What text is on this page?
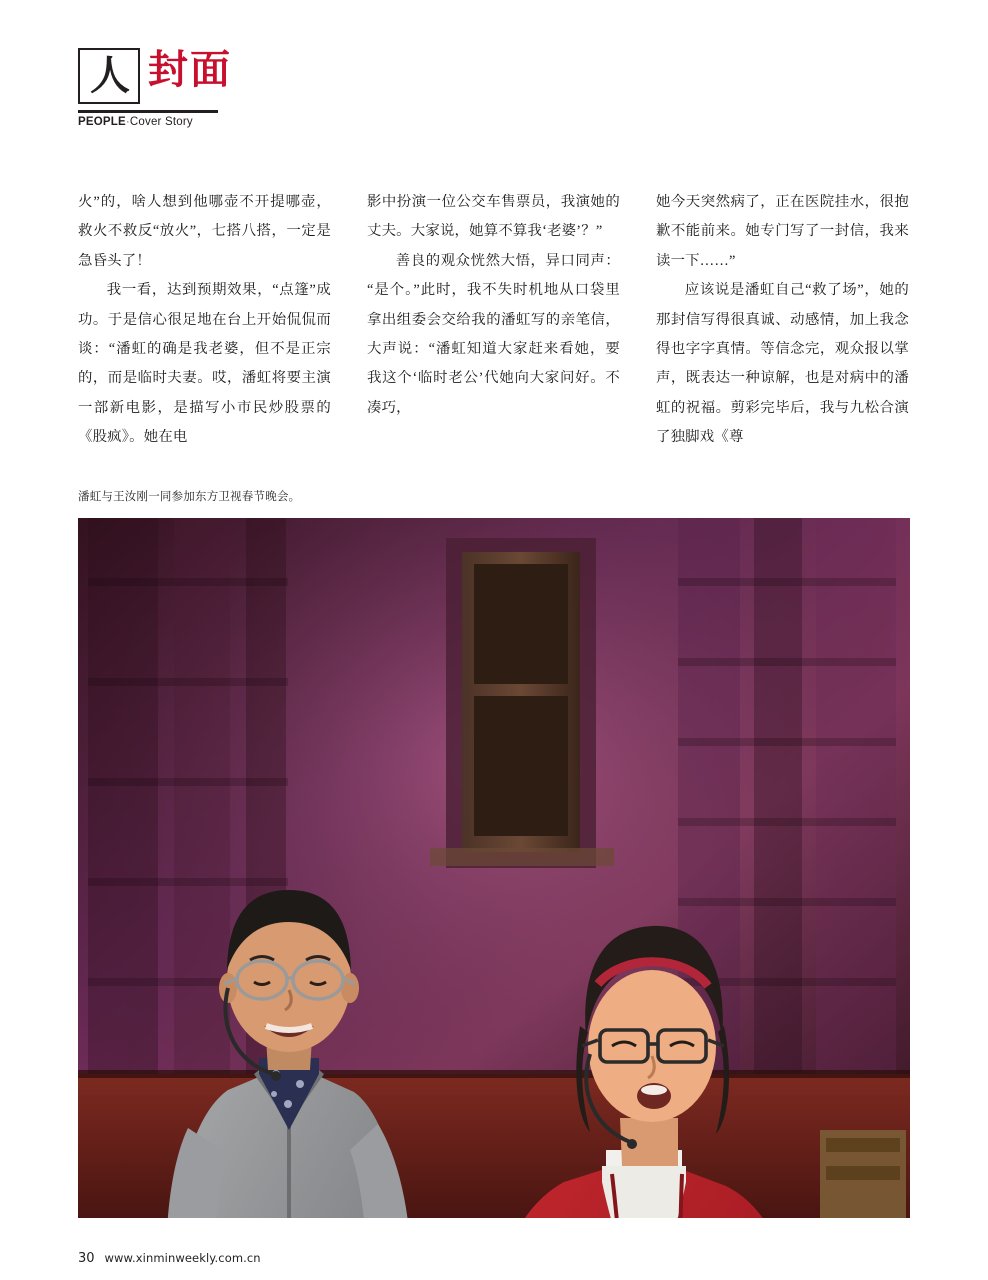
人 封面
PEOPLE·Cover Story

火”的，啥人想到他哪壶不开提哪壶，救火不救反“放火”，七搭八搭，一定是急昏头了！

我一看，达到预期效果，“点篷”成功。于是信心很足地在台上开始侃侃而谈：“潘虹的确是我老婆，但不是正宗的，而是临时夫妻。哎，潘虹将要主演一部新电影，是描写小市民炒股票的《股疯》。她在电

影中扮演一位公交车售票员，我演她的丈夫。大家说，她算不算我‘老婆’？”

善良的观众恍然大悟，异口同声：“是个。”此时，我不失时机地从口袋里拿出组委会交给我的潘虹写的亲笔信，大声说：“潘虹知道大家赶来看她，要我这个‘临时老公’代她向大家问好。不凑巧，

她今天突然病了，正在医院挂水，很抱歉不能前来。她专门写了一封信，我来读一下……”

应该说是潘虹自己“救了场”，她的那封信写得很真诚、动感情，加上我念得也字字真情。等信念完，观众报以掌声，既表达一种谅解，也是对病中的潘虹的祝福。剪彩完毕后，我与九松合演了独脚戏《尊

潘虹与王汝刚一同参加东方卫视春节晚会。
30 www.xinminweekly.com.cn
